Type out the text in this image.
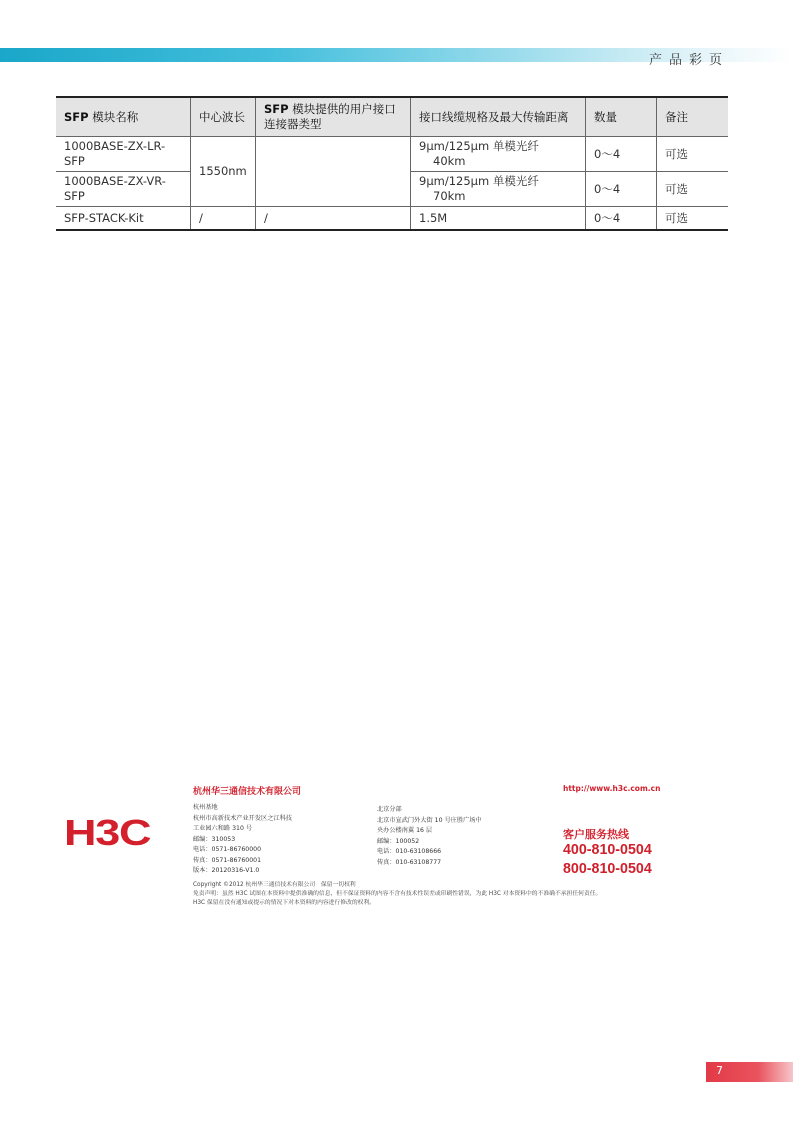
产品彩页
SFP 模块名称	中心波长	SFP 模块提供的用户接口连接器类型	接口线缆规格及最大传输距离	数量	备注
1000BASE-ZX-LR-SFP	1550nm		9μm/125μm 单模光纤40km	0～4	可选
1000BASE-ZX-VR-SFP			9μm/125μm 单模光纤70km	0～4	可选
SFP-STACK-Kit	/	/	1.5M	0～4	可选
杭州华三通信技术有限公司	http://www.h3c.com.cn
H3C
杭州基地
杭州市高新技术产业开发区之江科技
工业园六和路 310 号
邮编：310053
电话：0571-86760000
传真：0571-86760001
版本：20120316-V1.0
北京分部
北京市宣武门外大街 10 号庄胜广场中
央办公楼南翼 16 层
邮编：100052
电话：010-63108666
传真：010-63108777
客户服务热线
400-810-0504
800-810-0504
Copyright ©2012 杭州华三通信技术有限公司　保留一切权利
免责声明：虽然 H3C 试图在本资料中提供准确的信息，但不保证资料的内容不含有技术性误差或印刷性错误，为此 H3C 对本资料中的不准确不承担任何责任。
H3C 保留在没有通知或提示的情况下对本资料的内容进行修改的权利。
7
